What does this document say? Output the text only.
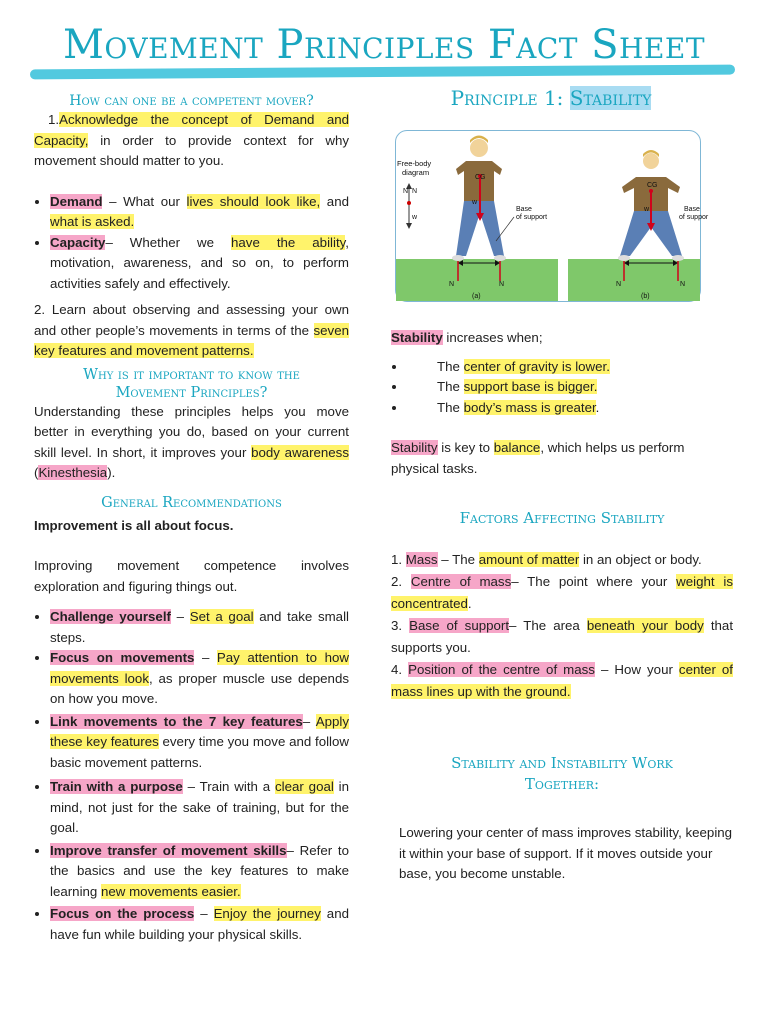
Movement Principles Fact Sheet
How can one be a competent mover?

1.Acknowledge the concept of Demand and Capacity, in order to provide context for why movement should matter to you.

• Demand – What our lives should look like, and what is asked.
• Capacity– Whether we have the ability, motivation, awareness, and so on, to perform activities safely and effectively.

2. Learn about observing and assessing your own and other people’s movements in terms of the seven key features and movement patterns.

Why is it important to know the Movement Principles?

Understanding these principles helps you move better in everything you do, based on your current skill level. In short, it improves your body awareness (Kinesthesia).

General Recommendations

Improvement is all about focus.

Improving movement competence involves exploration and figuring things out.

• Challenge yourself – Set a goal and take small steps.
• Focus on movements – Pay attention to how movements look, as proper muscle use depends on how you move.
• Link movements to the 7 key features– Apply these key features every time you move and follow basic movement patterns.
• Train with a purpose – Train with a clear goal in mind, not just for the sake of training, but for the goal.
• Improve transfer of movement skills– Refer to the basics and use the key features to make learning new movements easier.
• Focus on the process – Enjoy the journey and have fun while building your physical skills.
Principle 1: Stability
Free-body diagram
N N
w
CG
w
N	N
Base of support
(a)
CG
w
N	N
Base of suppor
(b)

Stability increases when;

• The center of gravity is lower.
• The support base is bigger.
• The body’s mass is greater.

Stability is key to balance, which helps us perform physical tasks.

Factors Affecting Stability

1. Mass – The amount of matter in an object or body.

2. Centre of mass– The point where your weight is concentrated.

3. Base of support– The area beneath your body that supports you.

4. Position of the centre of mass – How your center of mass lines up with the ground.

Stability and Instability Work Together:

Lowering your center of mass improves stability, keeping it within your base of support. If it moves outside your base, you become unstable.
